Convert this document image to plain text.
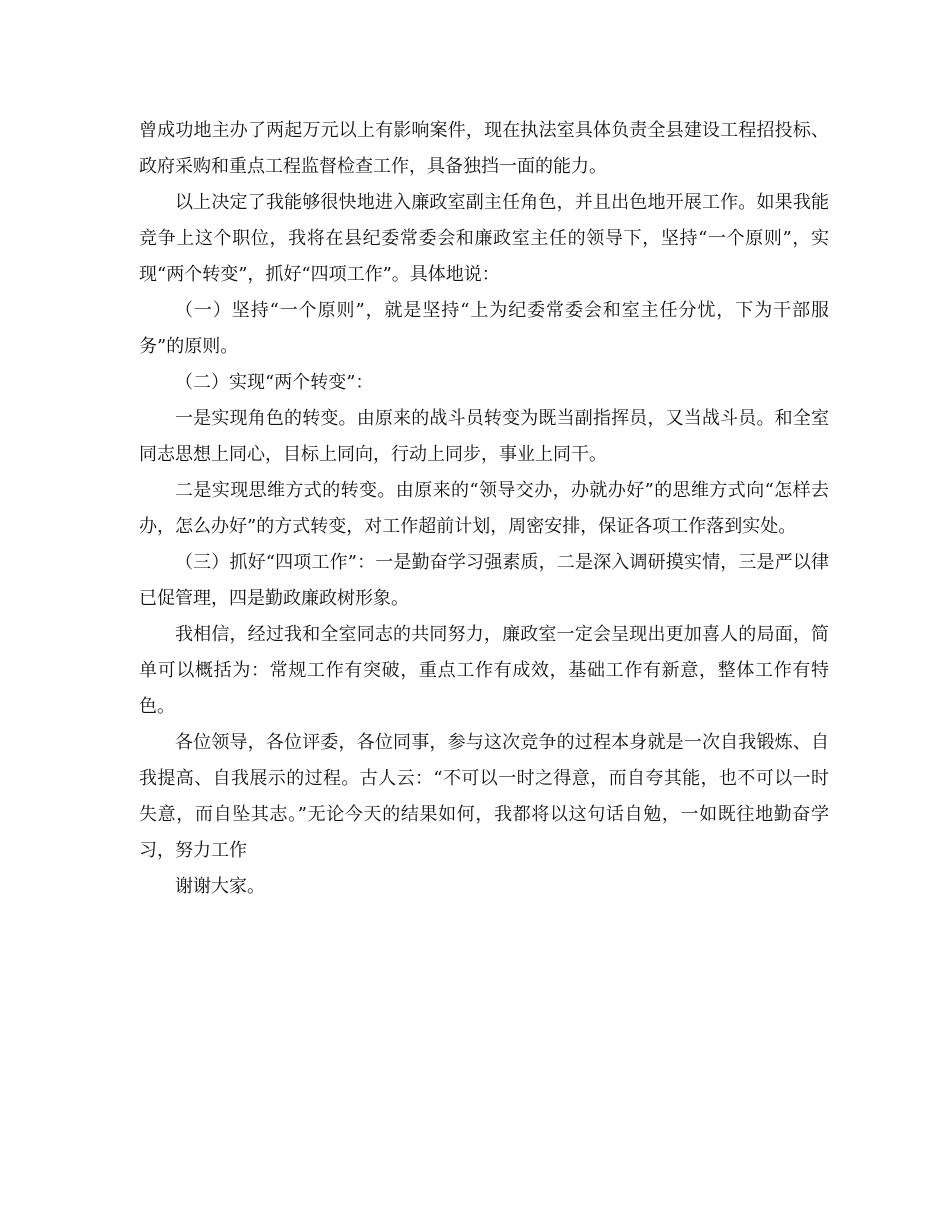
曾成功地主办了两起万元以上有影响案件，现在执法室具体负责全县建设工程招投标、政府采购和重点工程监督检查工作，具备独挡一面的能力。

以上决定了我能够很快地进入廉政室副主任角色，并且出色地开展工作。如果我能竞争上这个职位，我将在县纪委常委会和廉政室主任的领导下，坚持“一个原则”，实现“两个转变”，抓好“四项工作”。具体地说：

（一）坚持“一个原则”，就是坚持“上为纪委常委会和室主任分忧，下为干部服务”的原则。

（二）实现“两个转变”：

一是实现角色的转变。由原来的战斗员转变为既当副指挥员，又当战斗员。和全室同志思想上同心，目标上同向，行动上同步，事业上同干。

二是实现思维方式的转变。由原来的“领导交办，办就办好”的思维方式向“怎样去办，怎么办好”的方式转变，对工作超前计划，周密安排，保证各项工作落到实处。

（三）抓好“四项工作”：一是勤奋学习强素质，二是深入调研摸实情，三是严以律已促管理，四是勤政廉政树形象。

我相信，经过我和全室同志的共同努力，廉政室一定会呈现出更加喜人的局面，简单可以概括为：常规工作有突破，重点工作有成效，基础工作有新意，整体工作有特色。

各位领导，各位评委，各位同事，参与这次竞争的过程本身就是一次自我锻炼、自我提高、自我展示的过程。古人云：“不可以一时之得意，而自夸其能，也不可以一时失意，而自坠其志。”无论今天的结果如何，我都将以这句话自勉，一如既往地勤奋学习，努力工作

谢谢大家。
